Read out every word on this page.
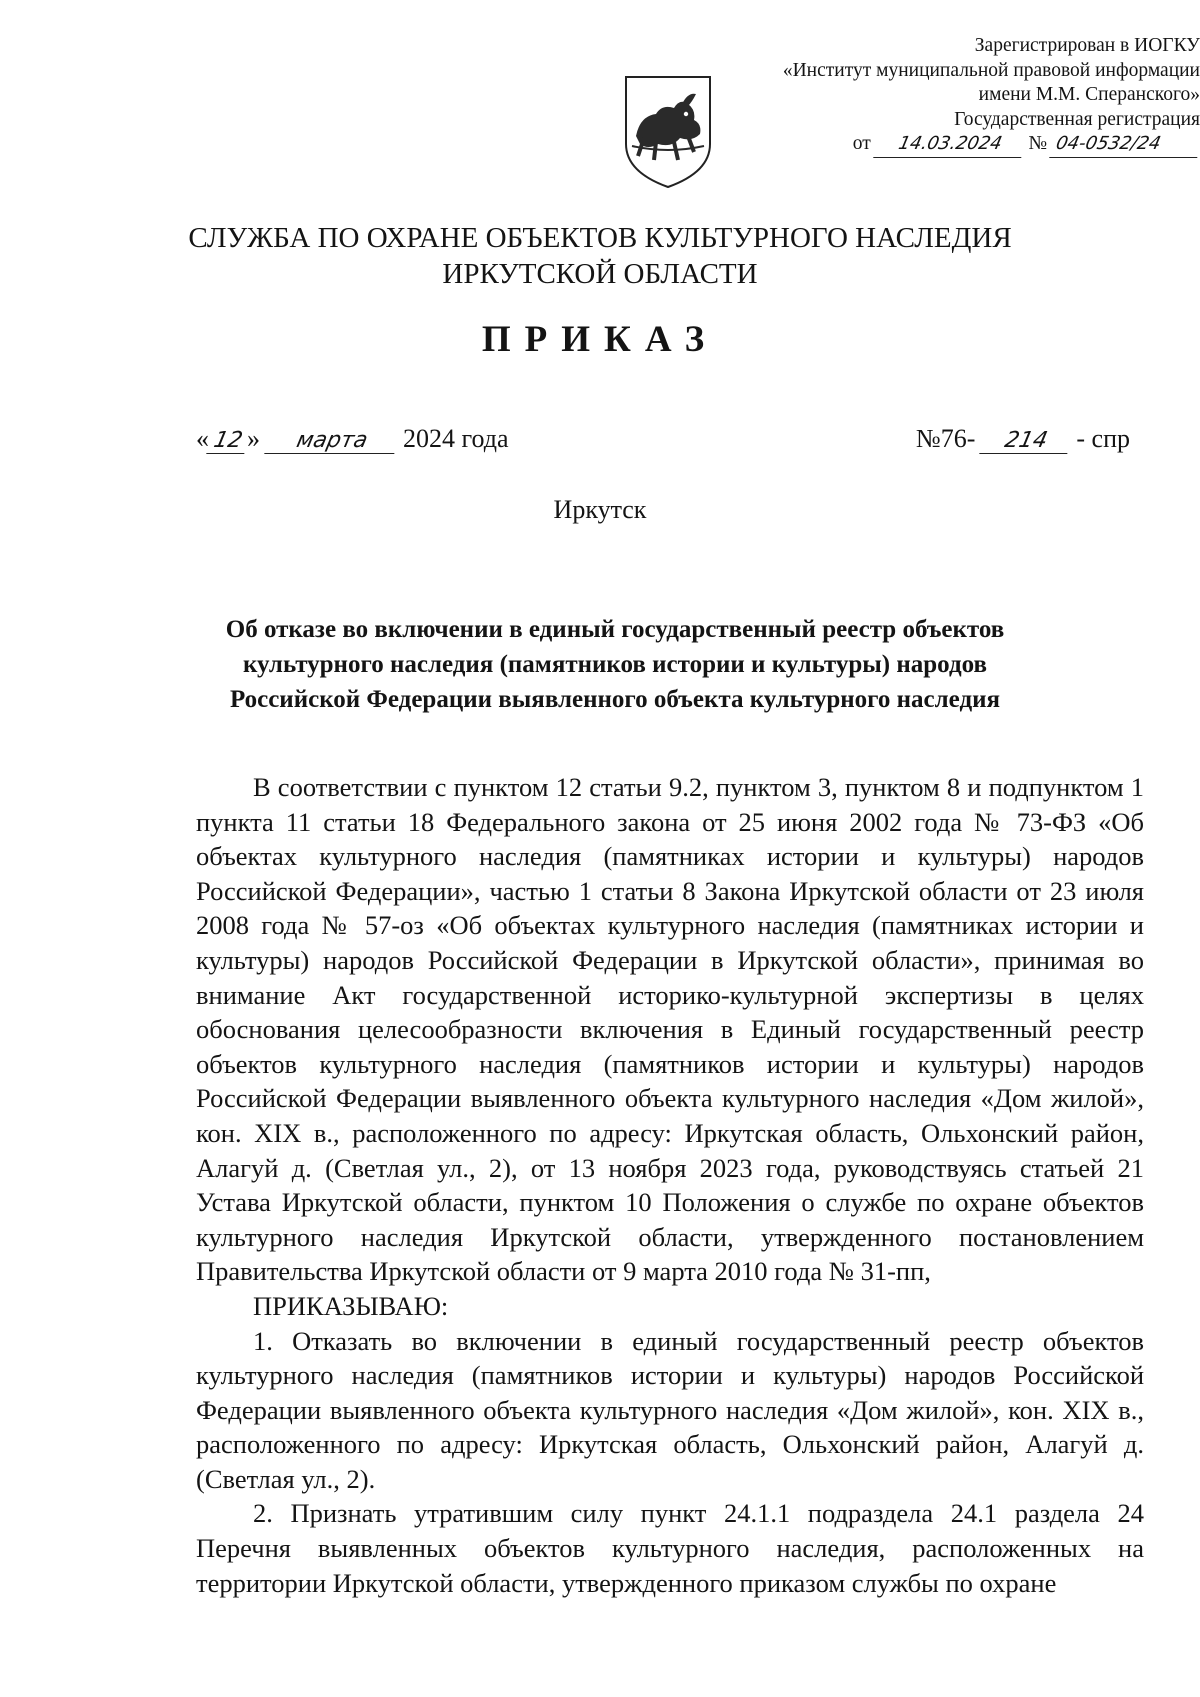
Зарегистрирован в ИОГКУ
«Институт муниципальной правовой информации
имени М.М. Сперанского»
Государственная регистрация
от 14.03.2024 № 04-0532/24
СЛУЖБА ПО ОХРАНЕ ОБЪЕКТОВ КУЛЬТУРНОГО НАСЛЕДИЯ
ИРКУТСКОЙ ОБЛАСТИ
ПРИКАЗ
« 12» марта 2024 года	№76- 214 - спр
Иркутск
Об отказе во включении в единый государственный реестр объектов культурного наследия (памятников истории и культуры) народов Российской Федерации выявленного объекта культурного наследия

В соответствии с пунктом 12 статьи 9.2, пунктом 3, пунктом 8 и подпунктом 1 пункта 11 статьи 18 Федерального закона от 25 июня 2002 года № 73-ФЗ «Об объектах культурного наследия (памятниках истории и культуры) народов Российской Федерации», частью 1 статьи 8 Закона Иркутской области от 23 июля 2008 года № 57-оз «Об объектах культурного наследия (памятниках истории и культуры) народов Российской Федерации в Иркутской области», принимая во внимание Акт государственной историко-культурной экспертизы в целях обоснования целесообразности включения в Единый государственный реестр объектов культурного наследия (памятников истории и культуры) народов Российской Федерации выявленного объекта культурного наследия «Дом жилой», кон. XIX в., расположенного по адресу: Иркутская область, Ольхонский район, Алагуй д. (Светлая ул., 2), от 13 ноября 2023 года, руководствуясь статьей 21 Устава Иркутской области, пунктом 10 Положения о службе по охране объектов культурного наследия Иркутской области, утвержденного постановлением Правительства Иркутской области от 9 марта 2010 года № 31-пп,

ПРИКАЗЫВАЮ:

1. Отказать во включении в единый государственный реестр объектов культурного наследия (памятников истории и культуры) народов Российской Федерации выявленного объекта культурного наследия «Дом жилой», кон. XIX в., расположенного по адресу: Иркутская область, Ольхонский район, Алагуй д. (Светлая ул., 2).

2. Признать утратившим силу пункт 24.1.1 подраздела 24.1 раздела 24 Перечня выявленных объектов культурного наследия, расположенных на территории Иркутской области, утвержденного приказом службы по охране
